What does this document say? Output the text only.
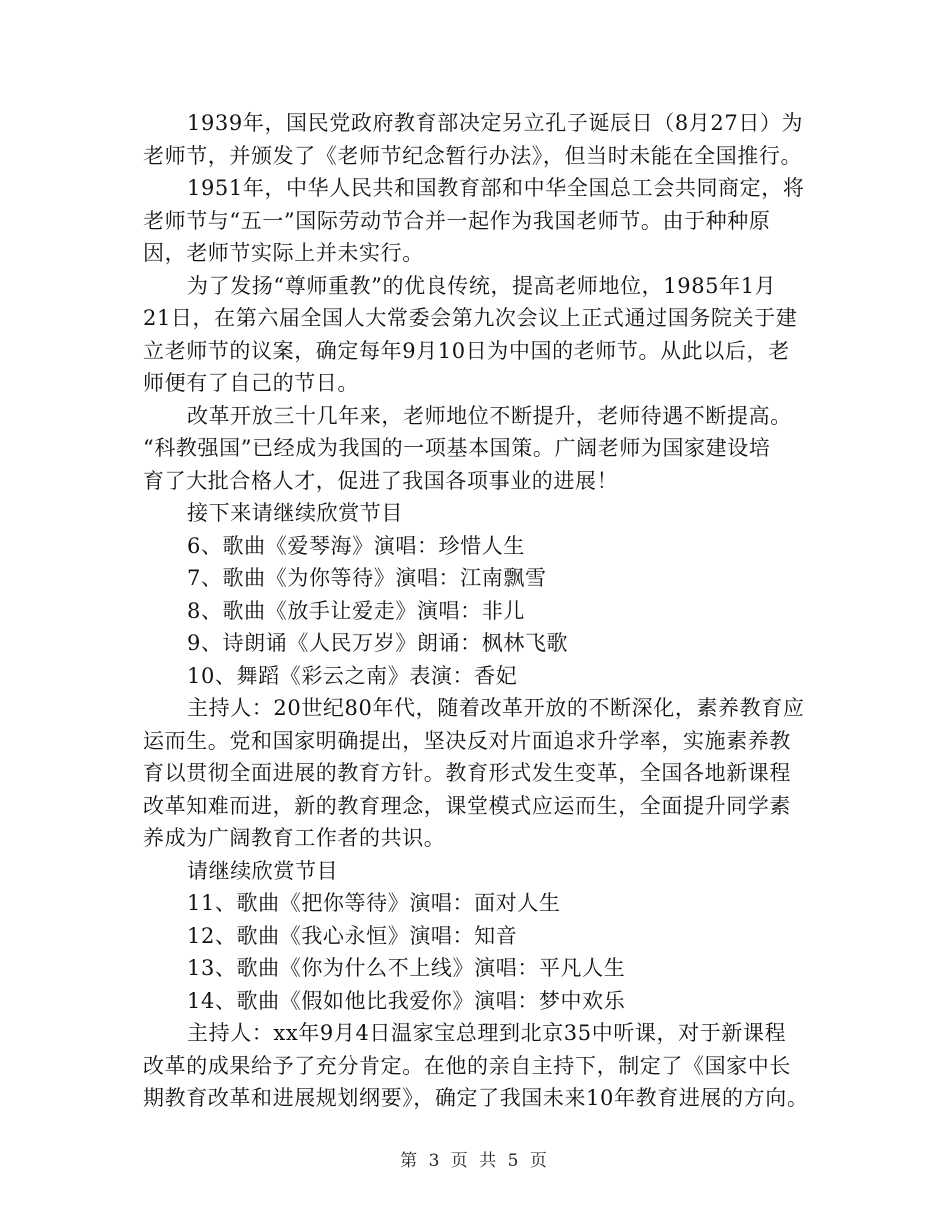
1939年，国民党政府教育部决定另立孔子诞辰日（8月27日）为
老师节，并颁发了《老师节纪念暂行办法》，但当时未能在全国推行。
1951年，中华人民共和国教育部和中华全国总工会共同商定，将
老师节与“五一”国际劳动节合并一起作为我国老师节。由于种种原
因，老师节实际上并未实行。
为了发扬“尊师重教”的优良传统，提高老师地位，1985年1月
21日，在第六届全国人大常委会第九次会议上正式通过国务院关于建
立老师节的议案，确定每年9月10日为中国的老师节。从此以后，老
师便有了自己的节日。
改革开放三十几年来，老师地位不断提升，老师待遇不断提高。
“科教强国”已经成为我国的一项基本国策。广阔老师为国家建设培
育了大批合格人才，促进了我国各项事业的进展！
接下来请继续欣赏节目
6、歌曲《爱琴海》演唱：珍惜人生
7、歌曲《为你等待》演唱：江南飘雪
8、歌曲《放手让爱走》演唱：非儿
9、诗朗诵《人民万岁》朗诵：枫林飞歌
10、舞蹈《彩云之南》表演：香妃
主持人：20世纪80年代，随着改革开放的不断深化，素养教育应
运而生。党和国家明确提出，坚决反对片面追求升学率，实施素养教
育以贯彻全面进展的教育方针。教育形式发生变革，全国各地新课程
改革知难而进，新的教育理念，课堂模式应运而生，全面提升同学素
养成为广阔教育工作者的共识。
请继续欣赏节目
11、歌曲《把你等待》演唱：面对人生
12、歌曲《我心永恒》演唱：知音
13、歌曲《你为什么不上线》演唱：平凡人生
14、歌曲《假如他比我爱你》演唱：梦中欢乐
主持人：xx年9月4日温家宝总理到北京35中听课，对于新课程
改革的成果给予了充分肯定。在他的亲自主持下，制定了《国家中长
期教育改革和进展规划纲要》，确定了我国未来10年教育进展的方向。
第 3 页 共 5 页
